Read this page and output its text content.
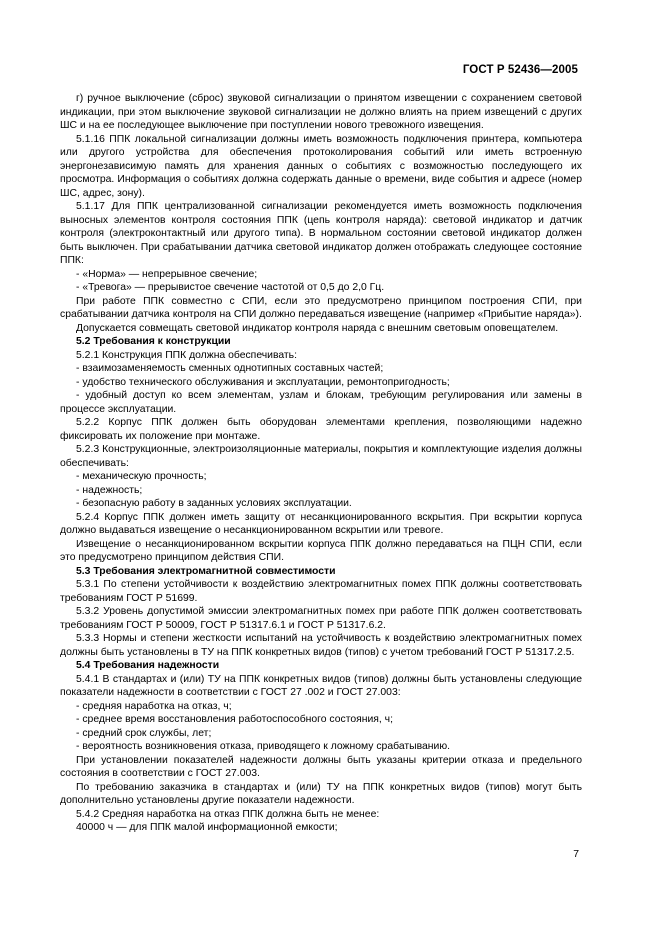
ГОСТ Р 52436—2005

г) ручное выключение (сброс) звуковой сигнализации о принятом извещении с сохранением световой индикации, при этом выключение звуковой сигнализации не должно влиять на прием извещений с других ШС и на ее последующее выключение при поступлении нового тревожного извещения.

5.1.16 ППК локальной сигнализации должны иметь возможность подключения принтера, компьютера или другого устройства для обеспечения протоколирования событий или иметь встроенную энергонезависимую память для хранения данных о событиях с возможностью последующего их просмотра. Информация о событиях должна содержать данные о времени, виде события и адресе (номер ШС, адрес, зону).

5.1.17 Для ППК централизованной сигнализации рекомендуется иметь возможность подключения выносных элементов контроля состояния ППК (цепь контроля наряда): световой индикатор и датчик контроля (электроконтактный или другого типа). В нормальном состоянии световой индикатор должен быть выключен. При срабатывании датчика световой индикатор должен отображать следующее состояние ППК:

- «Норма» — непрерывное свечение;

- «Тревога» — прерывистое свечение частотой от 0,5 до 2,0 Гц.

При работе ППК совместно с СПИ, если это предусмотрено принципом построения СПИ, при срабатывании датчика контроля на СПИ должно передаваться извещение (например «Прибытие наряда»).

Допускается совмещать световой индикатор контроля наряда с внешним световым оповещателем.

5.2 Требования к конструкции

5.2.1 Конструкция ППК должна обеспечивать:

- взаимозаменяемость сменных однотипных составных частей;

- удобство технического обслуживания и эксплуатации, ремонтопригодность;

- удобный доступ ко всем элементам, узлам и блокам, требующим регулирования или замены в процессе эксплуатации.

5.2.2 Корпус ППК должен быть оборудован элементами крепления, позволяющими надежно фиксировать их положение при монтаже.

5.2.3 Конструкционные, электроизоляционные материалы, покрытия и комплектующие изделия должны обеспечивать:

- механическую прочность;

- надежность;

- безопасную работу в заданных условиях эксплуатации.

5.2.4 Корпус ППК должен иметь защиту от несанкционированного вскрытия. При вскрытии корпуса должно выдаваться извещение о несанкционированном вскрытии или тревоге.

Извещение о несанкционированном вскрытии корпуса ППК должно передаваться на ПЦН СПИ, если это предусмотрено принципом действия СПИ.

5.3 Требования электромагнитной совместимости

5.3.1 По степени устойчивости к воздействию электромагнитных помех ППК должны соответствовать требованиям ГОСТ Р 51699.

5.3.2 Уровень допустимой эмиссии электромагнитных помех при работе ППК должен соответствовать требованиям ГОСТ Р 50009, ГОСТ Р 51317.6.1 и ГОСТ Р 51317.6.2.

5.3.3 Нормы и степени жесткости испытаний на устойчивость к воздействию электромагнитных помех должны быть установлены в ТУ на ППК конкретных видов (типов) с учетом требований ГОСТ Р 51317.2.5.

5.4 Требования надежности

5.4.1 В стандартах и (или) ТУ на ППК конкретных видов (типов) должны быть установлены следующие показатели надежности в соответствии с ГОСТ 27 .002 и ГОСТ 27.003:

- средняя наработка на отказ, ч;

- среднее время восстановления работоспособного состояния, ч;

- средний срок службы, лет;

- вероятность возникновения отказа, приводящего к ложному срабатыванию.

При установлении показателей надежности должны быть указаны критерии отказа и предельного состояния в соответствии с ГОСТ 27.003.

По требованию заказчика в стандартах и (или) ТУ на ППК конкретных видов (типов) могут быть дополнительно установлены другие показатели надежности.

5.4.2 Средняя наработка на отказ ППК должна быть не менее:

40000 ч — для ППК малой информационной емкости;

7
